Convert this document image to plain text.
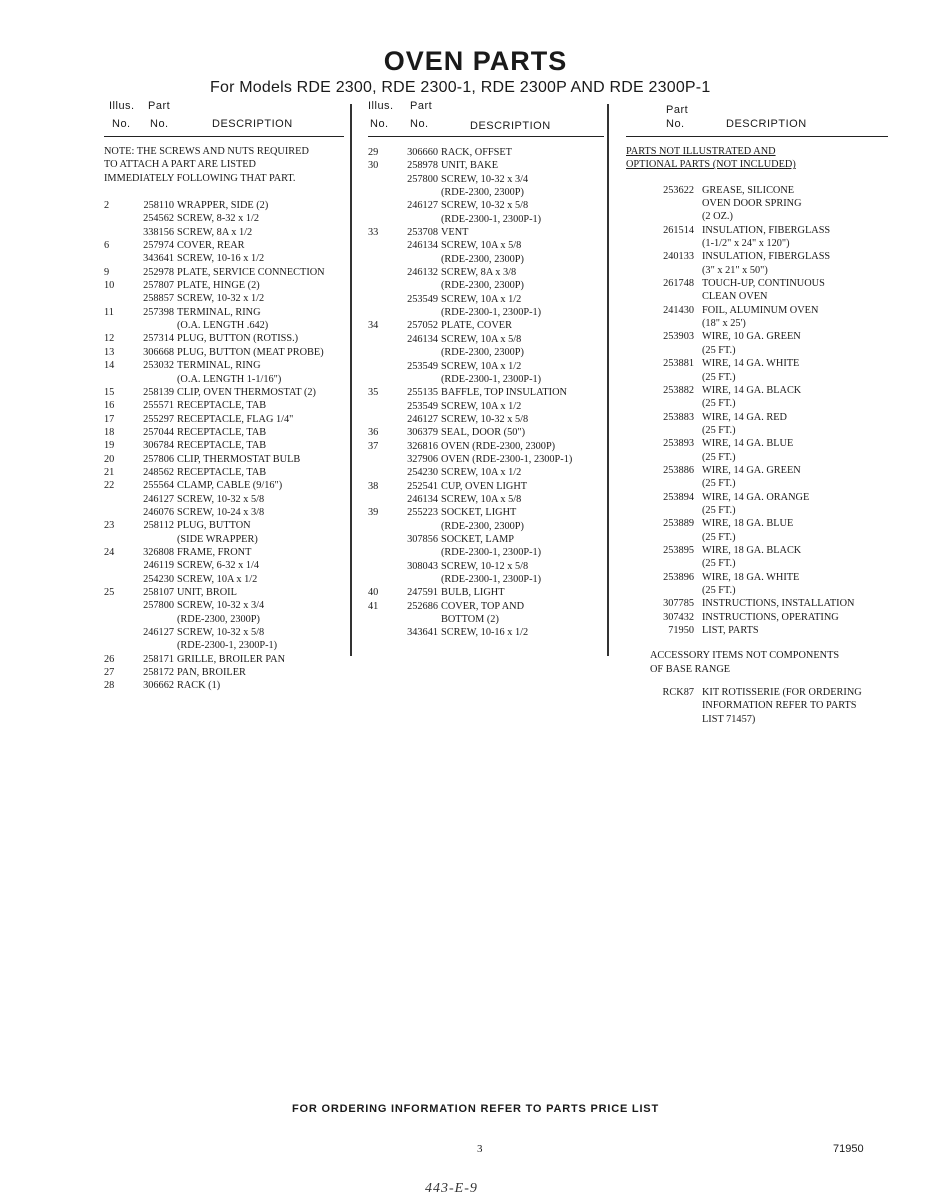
OVEN PARTS
For Models RDE 2300, RDE 2300-1, RDE 2300P AND RDE 2300P-1
Illus. Part
No. No.	DESCRIPTION
NOTE: THE SCREWS AND NUTS REQUIRED
TO ATTACH A PART ARE LISTED
IMMEDIATELY FOLLOWING THAT PART.
2	258110 WRAPPER, SIDE (2)
254562 SCREW, 8-32 x 1/2
338156 SCREW, 8A x 1/2
6	257974 COVER, REAR
343641 SCREW, 10-16 x 1/2
9	252978 PLATE, SERVICE CONNECTION
10	257807 PLATE, HINGE (2)
258857 SCREW, 10-32 x 1/2
11	257398 TERMINAL, RING
(O.A. LENGTH .642)
12	257314 PLUG, BUTTON (ROTISS.)
13	306668 PLUG, BUTTON (MEAT PROBE)
14	253032 TERMINAL, RING
(O.A. LENGTH 1-1/16")
15	258139 CLIP, OVEN THERMOSTAT (2)
16	255571 RECEPTACLE, TAB
17	255297 RECEPTACLE, FLAG 1/4"
18	257044 RECEPTACLE, TAB
19	306784 RECEPTACLE, TAB
20	257806 CLIP, THERMOSTAT BULB
21	248562 RECEPTACLE, TAB
22	255564 CLAMP, CABLE (9/16")
246127 SCREW, 10-32 x 5/8
246076 SCREW, 10-24 x 3/8
23	258112 PLUG, BUTTON
(SIDE WRAPPER)
24	326808 FRAME, FRONT
246119 SCREW, 6-32 x 1/4
254230 SCREW, 10A x 1/2
25	258107 UNIT, BROIL
257800 SCREW, 10-32 x 3/4
(RDE-2300, 2300P)
246127 SCREW, 10-32 x 5/8
(RDE-2300-1, 2300P-1)
26	258171 GRILLE, BROILER PAN
27	258172 PAN, BROILER
28	306662 RACK (1)
Illus. Part
No. No.	DESCRIPTION
29	306660 RACK, OFFSET
30	258978 UNIT, BAKE
257800 SCREW, 10-32 x 3/4
(RDE-2300, 2300P)
246127 SCREW, 10-32 x 5/8
(RDE-2300-1, 2300P-1)
33	253708 VENT
246134 SCREW, 10A x 5/8
(RDE-2300, 2300P)
246132 SCREW, 8A x 3/8
(RDE-2300, 2300P)
253549 SCREW, 10A x 1/2
(RDE-2300-1, 2300P-1)
34	257052 PLATE, COVER
246134 SCREW, 10A x 5/8
(RDE-2300, 2300P)
253549 SCREW, 10A x 1/2
(RDE-2300-1, 2300P-1)
35	255135 BAFFLE, TOP INSULATION
253549 SCREW, 10A x 1/2
246127 SCREW, 10-32 x 5/8
36	306379 SEAL, DOOR (50")
37	326816 OVEN (RDE-2300, 2300P)
327906 OVEN (RDE-2300-1, 2300P-1)
254230 SCREW, 10A x 1/2
38	252541 CUP, OVEN LIGHT
246134 SCREW, 10A x 5/8
39	255223 SOCKET, LIGHT
(RDE-2300, 2300P)
307856 SOCKET, LAMP
(RDE-2300-1, 2300P-1)
308043 SCREW, 10-12 x 5/8
(RDE-2300-1, 2300P-1)
40	247591 BULB, LIGHT
41	252686 COVER, TOP AND
BOTTOM (2)
343641 SCREW, 10-16 x 1/2
Part
No.	DESCRIPTION
PARTS NOT ILLUSTRATED AND
OPTIONAL PARTS (NOT INCLUDED)
253622 GREASE, SILICONE
OVEN DOOR SPRING
(2 OZ.)
261514 INSULATION, FIBERGLASS
(1-1/2" x 24" x 120")
240133 INSULATION, FIBERGLASS
(3" x 21" x 50")
261748 TOUCH-UP, CONTINUOUS
CLEAN OVEN
241430 FOIL, ALUMINUM OVEN
(18" x 25')
253903 WIRE, 10 GA. GREEN
(25 FT.)
253881 WIRE, 14 GA. WHITE
(25 FT.)
253882 WIRE, 14 GA. BLACK
(25 FT.)
253883 WIRE, 14 GA. RED
(25 FT.)
253893 WIRE, 14 GA. BLUE
(25 FT.)
253886 WIRE, 14 GA. GREEN
(25 FT.)
253894 WIRE, 14 GA. ORANGE
(25 FT.)
253889 WIRE, 18 GA. BLUE
(25 FT.)
253895 WIRE, 18 GA. BLACK
(25 FT.)
253896 WIRE, 18 GA. WHITE
(25 FT.)
307785 INSTRUCTIONS, INSTALLATION
307432 INSTRUCTIONS, OPERATING
71950 LIST, PARTS
ACCESSORY ITEMS NOT COMPONENTS
OF BASE RANGE
RCK87 KIT ROTISSERIE (FOR ORDERING
INFORMATION REFER TO PARTS
LIST 71457)
FOR ORDERING INFORMATION REFER TO PARTS PRICE LIST
3	71950
443-E-9
